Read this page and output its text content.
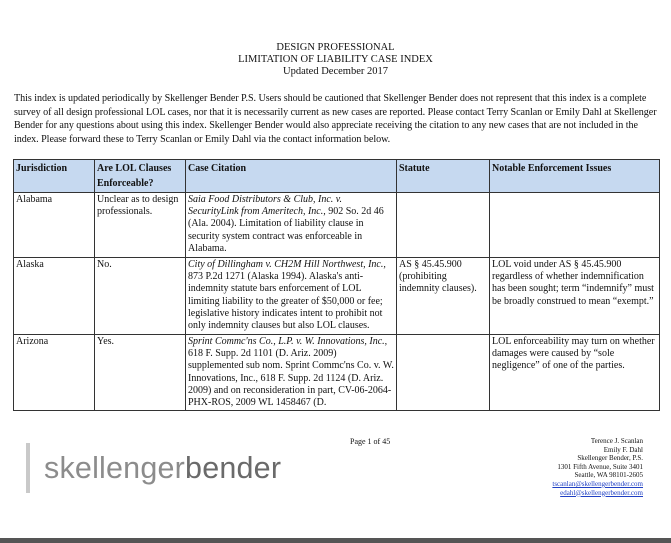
DESIGN PROFESSIONAL
LIMITATION OF LIABILITY CASE INDEX
Updated December 2017
This index is updated periodically by Skellenger Bender P.S. Users should be cautioned that Skellenger Bender does not represent that this index is a complete survey of all design professional LOL cases, nor that it is necessarily current as new cases are reported. Please contact Terry Scanlan or Emily Dahl at Skellenger Bender for any questions about using this index. Skellenger Bender would also appreciate receiving the citation to any new cases that are not included in the index. Please forward these to Terry Scanlan or Emily Dahl via the contact information below.
Jurisdiction	Are LOL Clauses Enforceable?	Case Citation	Statute	Notable Enforcement Issues
Alabama	Unclear as to design professionals.	Saia Food Distributors & Club, Inc. v. SecurityLink from Ameritech, Inc., 902 So. 2d 46 (Ala. 2004). Limitation of liability clause in security system contract was enforceable in Alabama.		
Alaska	No.	City of Dillingham v. CH2M Hill Northwest, Inc., 873 P.2d 1271 (Alaska 1994). Alaska's anti-indemnity statute bars enforcement of LOL limiting liability to the greater of $50,000 or fee; legislative history indicates intent to prohibit not only indemnity clauses but also LOL clauses.	AS § 45.45.900 (prohibiting indemnity clauses).	LOL void under AS § 45.45.900 regardless of whether indemnification has been sought; term “indemnify” must be broadly construed to mean “exempt.”
Arizona	Yes.	Sprint Commc'ns Co., L.P. v. W. Innovations, Inc., 618 F. Supp. 2d 1101 (D. Ariz. 2009) supplemented sub nom. Sprint Commc'ns Co. v. W. Innovations, Inc., 618 F. Supp. 2d 1124 (D. Ariz. 2009) and on reconsideration in part, CV-06-2064-PHX-ROS, 2009 WL 1458467 (D.		LOL enforceability may turn on whether damages were caused by “sole negligence” of one of the parties.
Page 1 of 45
skellengerbender
Terence J. Scanlan
Emily F. Dahl
Skellenger Bender, P.S.
1301 Fifth Avenue, Suite 3401
Seattle, WA 98101-2605
tscanlan@skellengerbender.com
edahl@skellengerbender.com
